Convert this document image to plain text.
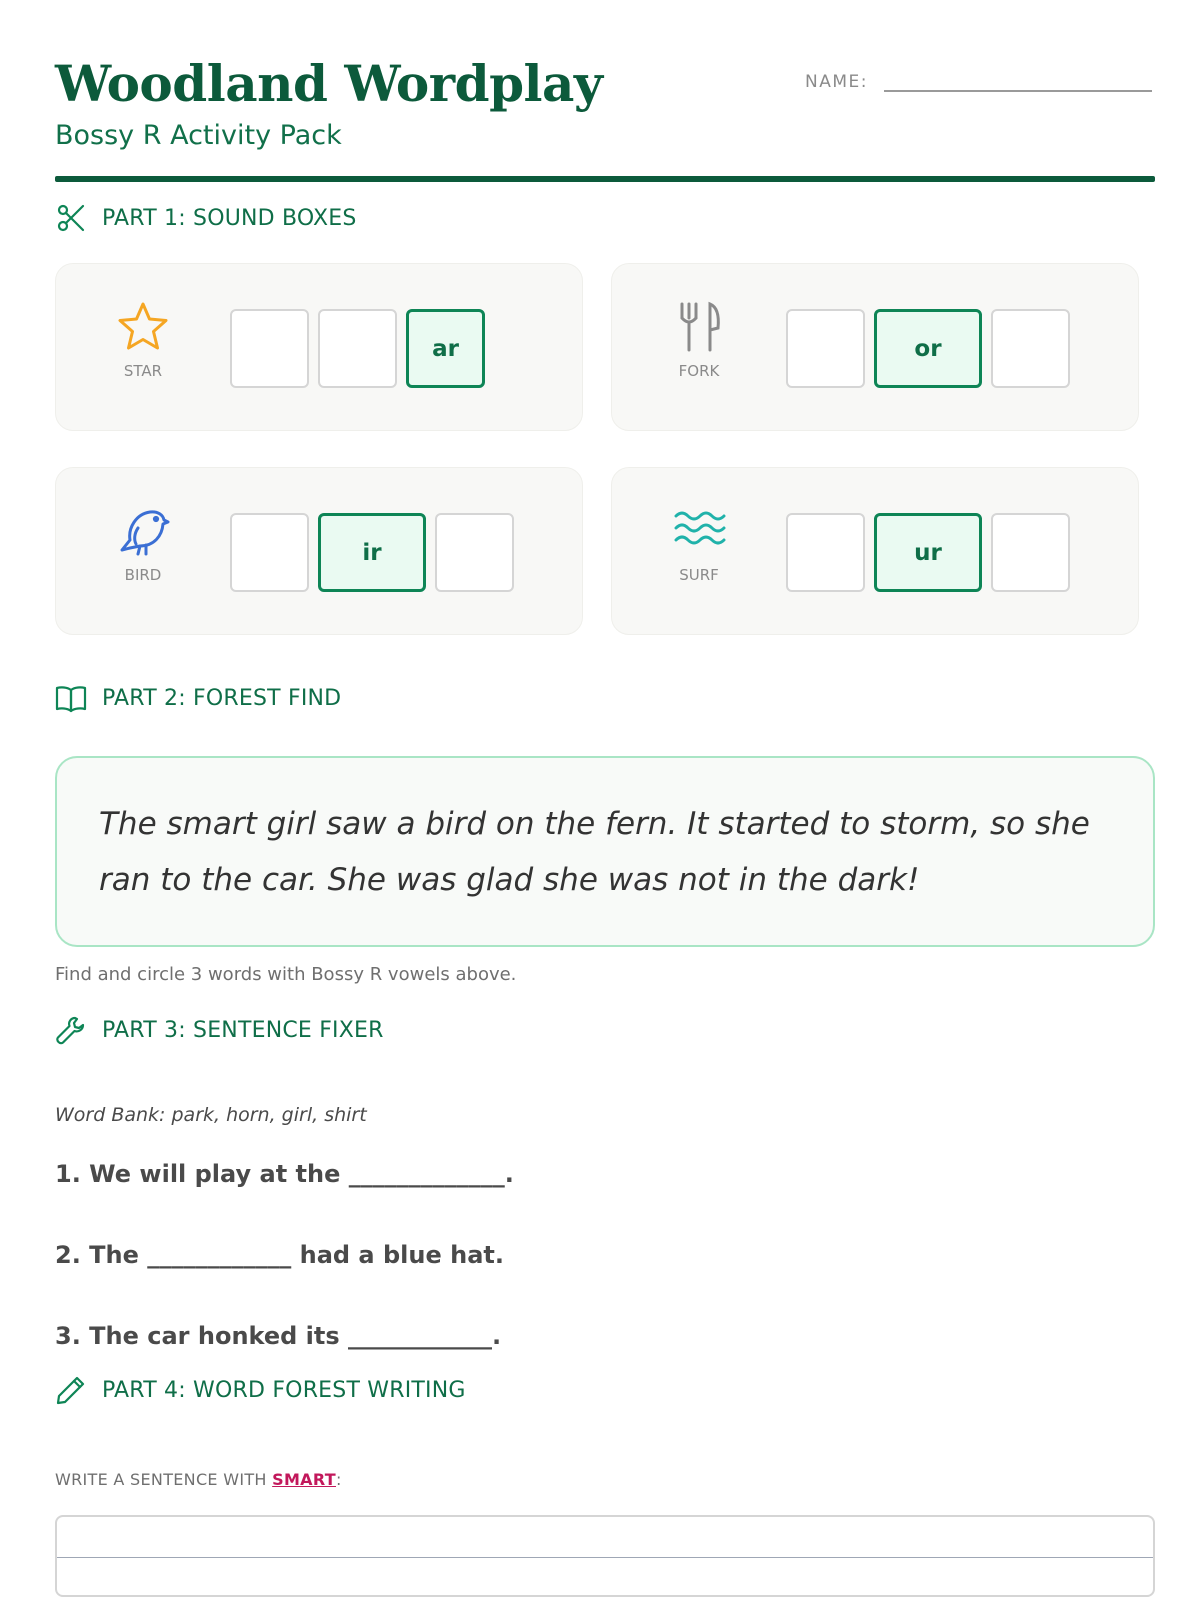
Woodland Wordplay
Bossy R Activity Pack
NAME:
PART 1: SOUND BOXES
STAR
ar
FORK
or
BIRD
ir
SURF
ur
PART 2: FOREST FIND

The smart girl saw a bird on the fern. It started to storm, so she ran to the car. She was glad she was not in the dark!

Find and circle 3 words with Bossy R vowels above.
PART 3: SENTENCE FIXER
Word Bank: park, horn, girl, shirt
1. We will play at the _____________.
2. The ____________ had a blue hat.
3. The car honked its ____________.
PART 4: WORD FOREST WRITING
WRITE A SENTENCE WITH SMART:
